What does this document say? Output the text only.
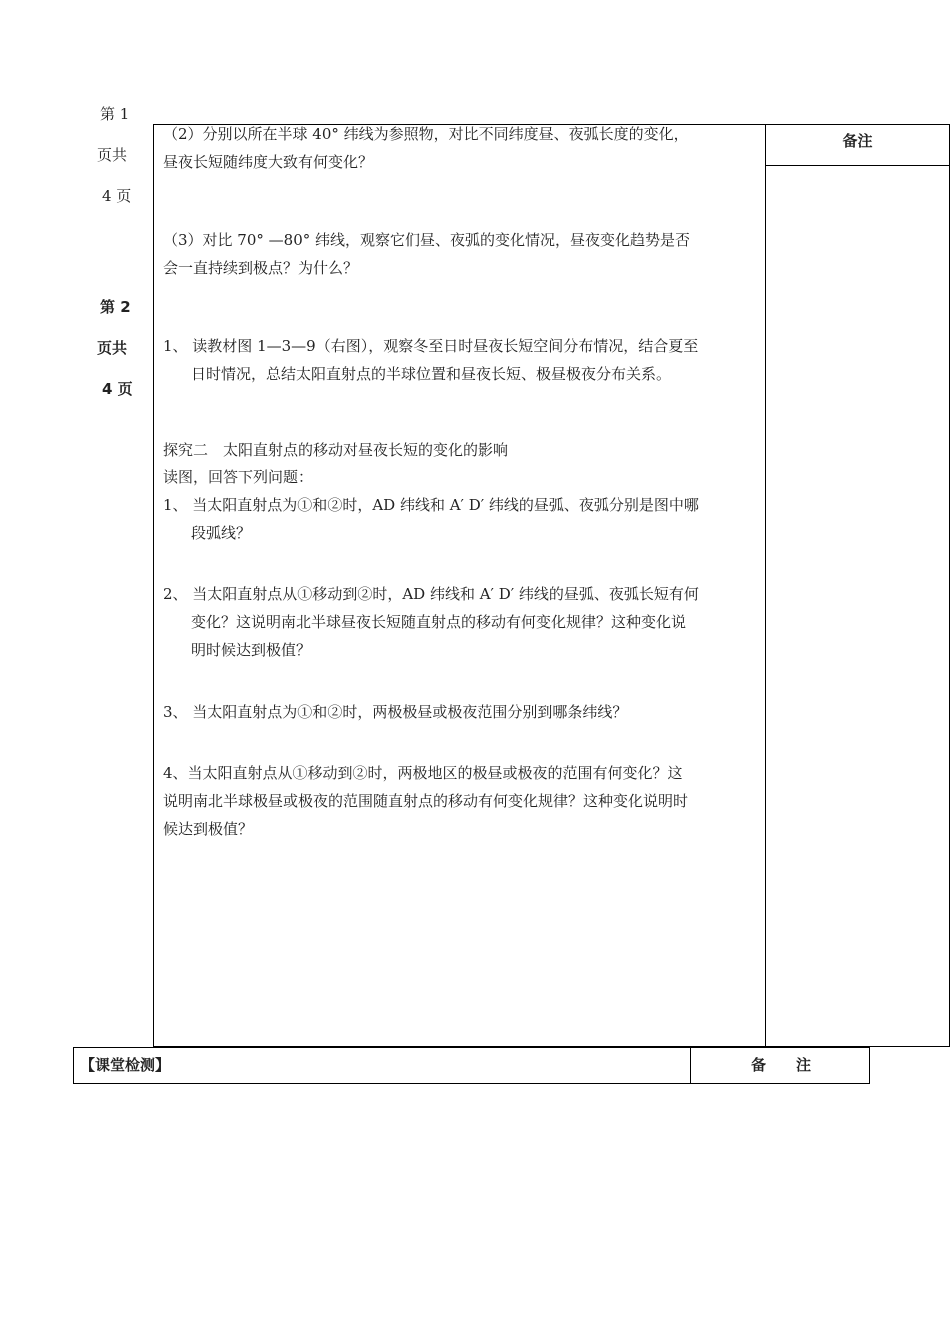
第 1
页共
4 页
第 2
页共
4 页
备注
（2）分别以所在半球 40° 纬线为参照物，对比不同纬度昼、夜弧长度的变化，
昼夜长短随纬度大致有何变化？
（3）对比 70° —80° 纬线，观察它们昼、夜弧的变化情况，昼夜变化趋势是否
会一直持续到极点？为什么？
1、 读教材图 1—3—9（右图），观察冬至日时昼夜长短空间分布情况，结合夏至
日时情况，总结太阳直射点的半球位置和昼夜长短、极昼极夜分布关系。
探究二　太阳直射点的移动对昼夜长短的变化的影响
读图，回答下列问题：
1、 当太阳直射点为①和②时，AD 纬线和 A′ D′ 纬线的昼弧、夜弧分别是图中哪
段弧线？
2、 当太阳直射点从①移动到②时，AD 纬线和 A′ D′ 纬线的昼弧、夜弧长短有何
变化？这说明南北半球昼夜长短随直射点的移动有何变化规律？这种变化说
明时候达到极值？
3、 当太阳直射点为①和②时，两极极昼或极夜范围分别到哪条纬线？
4、当太阳直射点从①移动到②时，两极地区的极昼或极夜的范围有何变化？这
说明南北半球极昼或极夜的范围随直射点的移动有何变化规律？这种变化说明时
候达到极值？
【课堂检测】	备　　注
